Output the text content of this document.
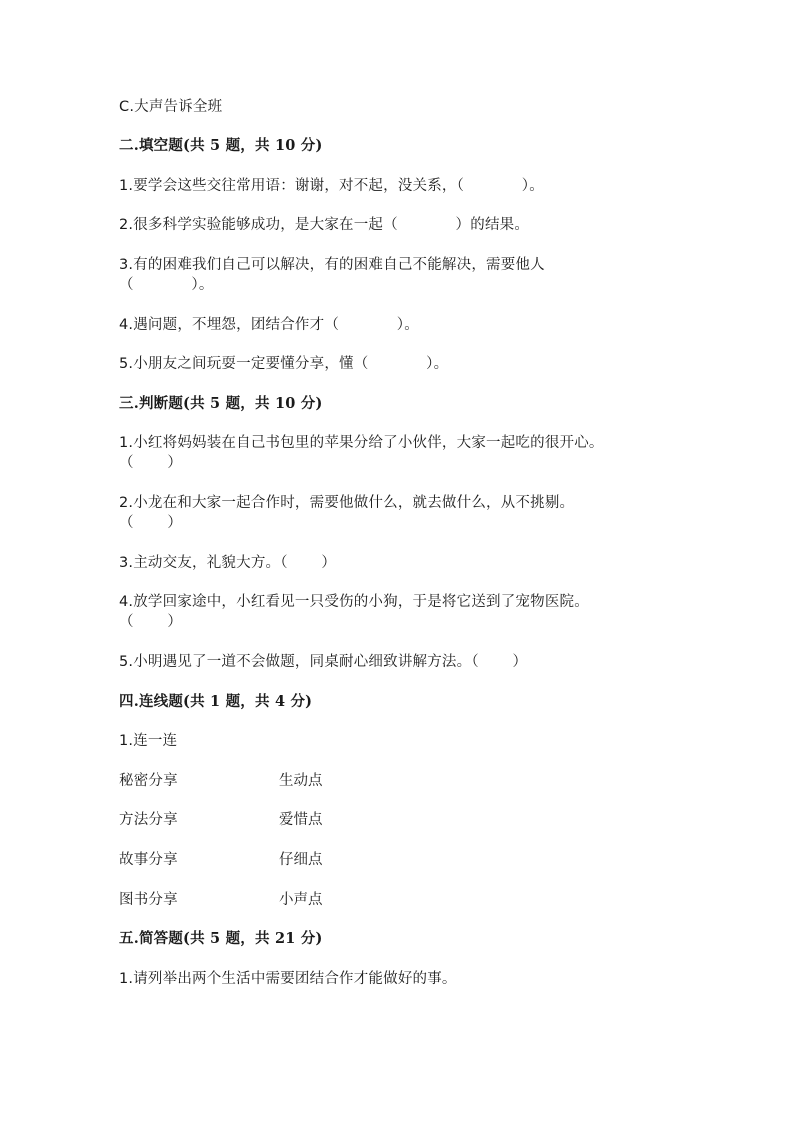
C.大声告诉全班
二.填空题(共 5 题，共 10 分)
1.要学会这些交往常用语：谢谢，对不起，没关系，（            ）。
2.很多科学实验能够成功，是大家在一起（            ）的结果。
3.有的困难我们自己可以解决，有的困难自己不能解决，需要他人
（            ）。
4.遇问题，不埋怨，团结合作才（            ）。
5.小朋友之间玩耍一定要懂分享，懂（            ）。
三.判断题(共 5 题，共 10 分)
1.小红将妈妈装在自己书包里的苹果分给了小伙伴，大家一起吃的很开心。
（       ）
2.小龙在和大家一起合作时，需要他做什么，就去做什么，从不挑剔。
（       ）
3.主动交友，礼貌大方。（       ）
4.放学回家途中，小红看见一只受伤的小狗，于是将它送到了宠物医院。
（       ）
5.小明遇见了一道不会做题，同桌耐心细致讲解方法。（       ）
四.连线题(共 1 题，共 4 分)
1.连一连
秘密分享	生动点
方法分享	爱惜点
故事分享	仔细点
图书分享	小声点
五.简答题(共 5 题，共 21 分)
1.请列举出两个生活中需要团结合作才能做好的事。
